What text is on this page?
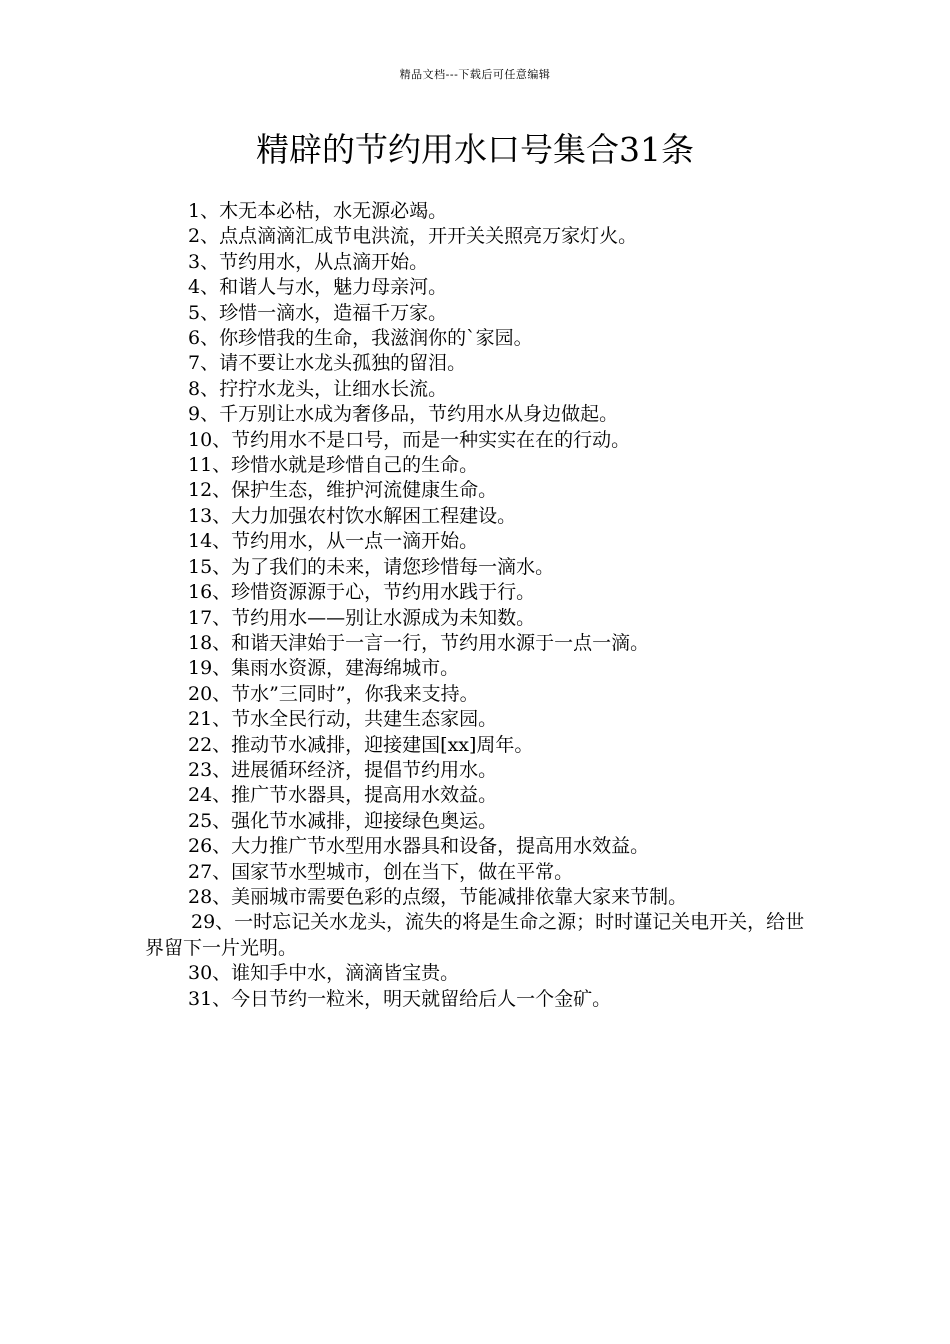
精品文档---下载后可任意编辑
精辟的节约用水口号集合31条
1、木无本必枯，水无源必竭。
2、点点滴滴汇成节电洪流，开开关关照亮万家灯火。
3、节约用水，从点滴开始。
4、和谐人与水，魅力母亲河。
5、珍惜一滴水，造福千万家。
6、你珍惜我的生命，我滋润你的`家园。
7、请不要让水龙头孤独的留泪。
8、拧拧水龙头，让细水长流。
9、千万别让水成为奢侈品，节约用水从身边做起。
10、节约用水不是口号，而是一种实实在在的行动。
11、珍惜水就是珍惜自己的生命。
12、保护生态，维护河流健康生命。
13、大力加强农村饮水解困工程建设。
14、节约用水，从一点一滴开始。
15、为了我们的未来，请您珍惜每一滴水。
16、珍惜资源源于心，节约用水践于行。
17、节约用水——别让水源成为未知数。
18、和谐天津始于一言一行，节约用水源于一点一滴。
19、集雨水资源，建海绵城市。
20、节水”三同时”，你我来支持。
21、节水全民行动，共建生态家园。
22、推动节水减排，迎接建国[xx]周年。
23、进展循环经济，提倡节约用水。
24、推广节水器具，提高用水效益。
25、强化节水减排，迎接绿色奥运。
26、大力推广节水型用水器具和设备，提高用水效益。
27、国家节水型城市，创在当下，做在平常。
28、美丽城市需要色彩的点缀，节能减排依靠大家来节制。
29、一时忘记关水龙头，流失的将是生命之源；时时谨记关电开关，给世界留下一片光明。
30、谁知手中水，滴滴皆宝贵。
31、今日节约一粒米，明天就留给后人一个金矿。
